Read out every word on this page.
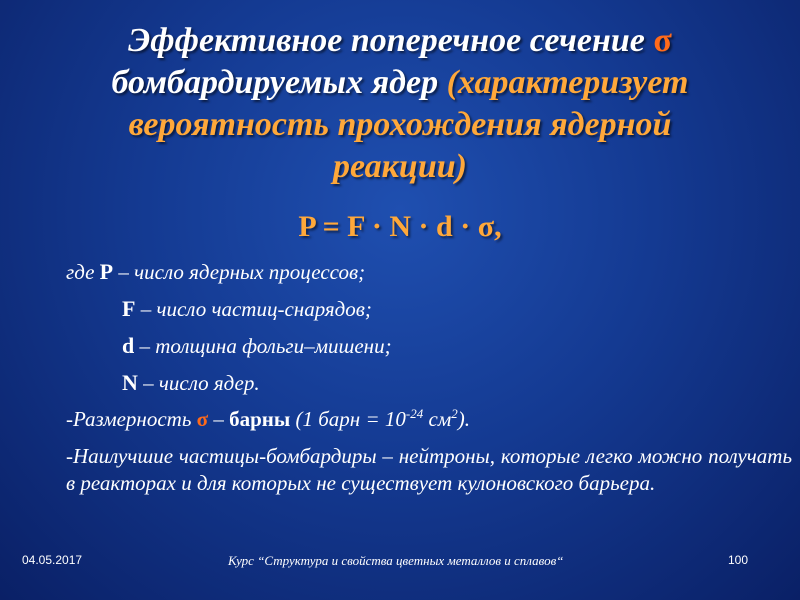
Эффективное поперечное сечение σ
бомбардируемых ядер (характеризует
вероятность прохождения ядерной
реакции)
P = F · N · d · σ,

где P – число ядерных процессов;

F – число частиц-снарядов;

d – толщина фольги–мишени;

N – число ядер.

-Размерность σ – барны (1 барн = $10^{-24}$ $см^2$).

-Наилучшие частицы-бомбардиры – нейтроны, которые легко можно получать в реакторах и для которых не существует кулоновского барьера.

04.05.2017	Курс “Структура и свойства цветных металлов и сплавов“	100
